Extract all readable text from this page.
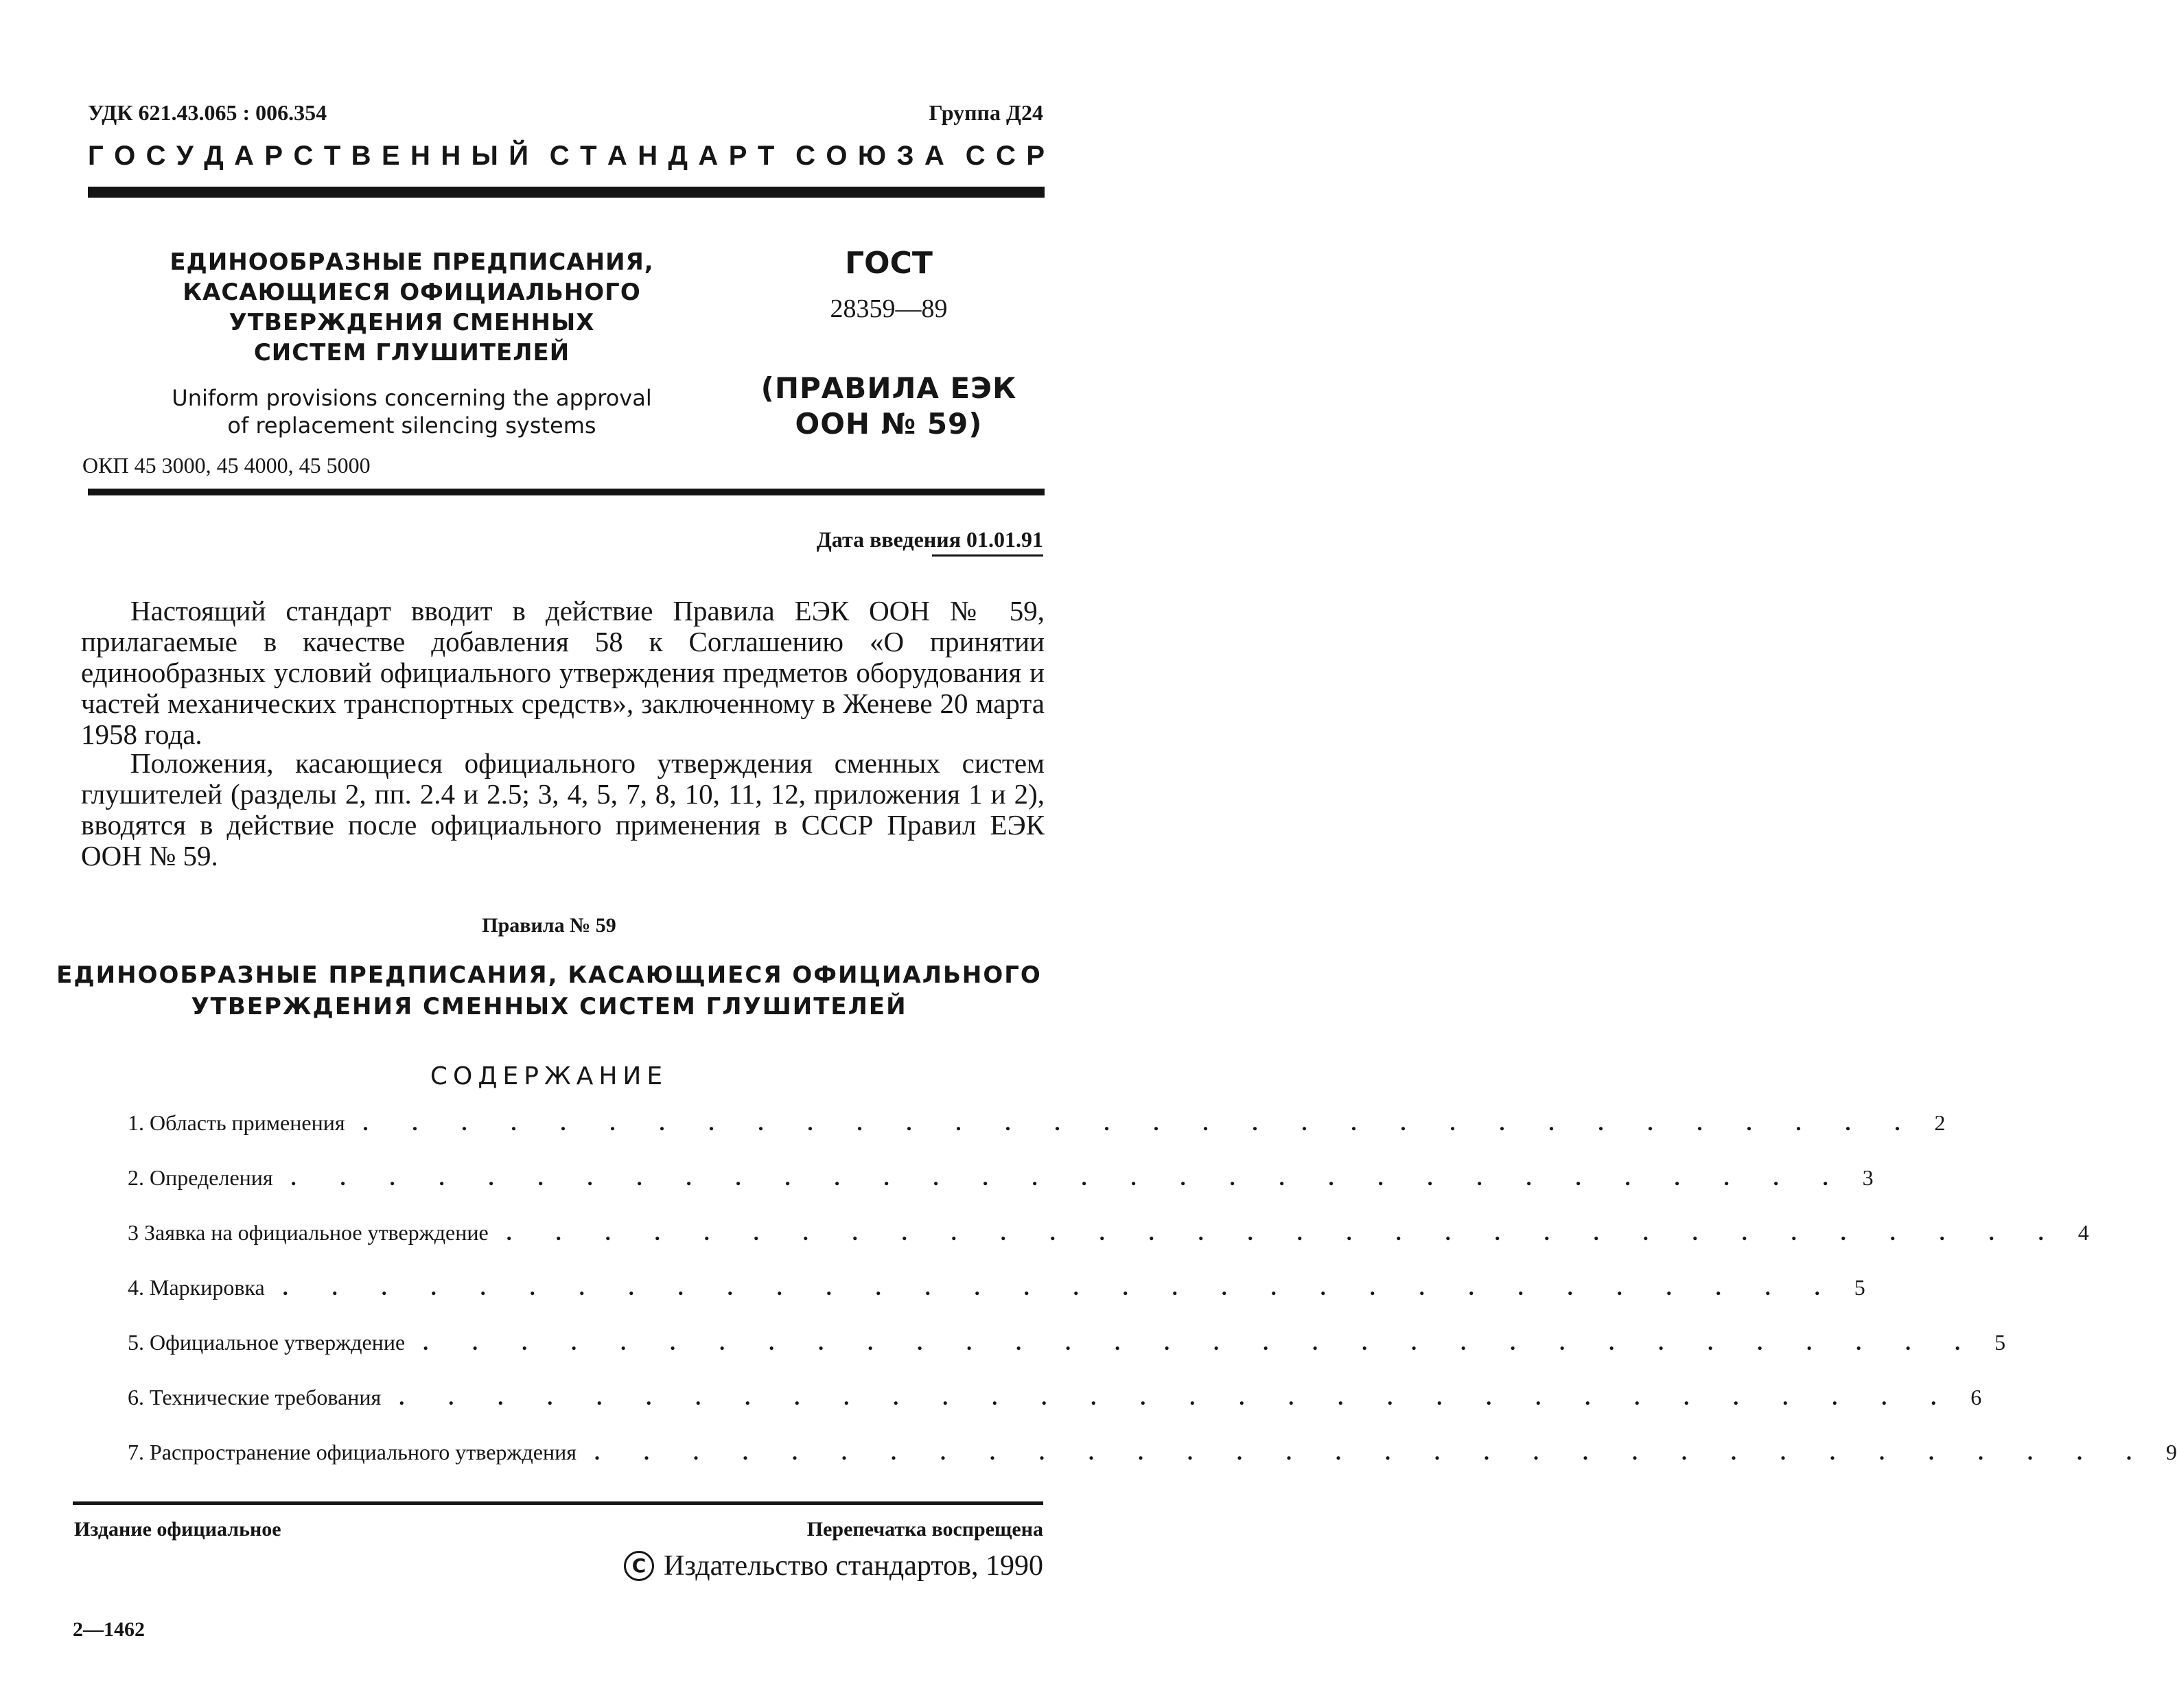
УДК 621.43.065 : 006.354	Группа Д24
Г О С У Д А Р С Т В Е Н Н Ы Й С Т А Н Д А Р Т С О Ю З А С С Р
ЕДИНООБРАЗНЫЕ ПРЕДПИСАНИЯ,
КАСАЮЩИЕСЯ ОФИЦИАЛЬНОГО
УТВЕРЖДЕНИЯ СМЕННЫХ
СИСТЕМ ГЛУШИТЕЛЕЙ
Uniform provisions concerning the approval
of replacement silencing systems
ОКП 45 3000, 45 4000, 45 5000
ГОСТ
28359—89
(ПРАВИЛА ЕЭК
ООН № 59)
Дата введения 01.01.91
Настоящий стандарт вводит в действие Правила ЕЭК ООН № 59, прилагаемые в качестве добавления 58 к Соглашению «О принятии единообразных условий официального утверждения предметов оборудования и частей механических транспортных средств», заключенному в Женеве 20 марта 1958 года.
Положения, касающиеся официального утверждения сменных систем глушителей (разделы 2, пп. 2.4 и 2.5; 3, 4, 5, 7, 8, 10, 11, 12, приложения 1 и 2), вводятся в действие после официального применения в СССР Правил ЕЭК ООН № 59.
Правила № 59
ЕДИНООБРАЗНЫЕ ПРЕДПИСАНИЯ, КАСАЮЩИЕСЯ ОФИЦИАЛЬНОГО
УТВЕРЖДЕНИЯ СМЕННЫХ СИСТЕМ ГЛУШИТЕЛЕЙ
СОДЕРЖАНИЕ
1. Область применения . . . . . . . . . . . . . . . . . . . . . . . . . . . . . . . . 2
2. Определения . . . . . . . . . . . . . . . . . . . . . . . . . . . . . . . . 3
3 Заявка на официальное утверждение . . . . . . . . . . . . . . . . . . . . . . . . . . . . . . . . 4
4. Маркировка . . . . . . . . . . . . . . . . . . . . . . . . . . . . . . . . 5
5. Официальное утверждение . . . . . . . . . . . . . . . . . . . . . . . . . . . . . . . . 5
6. Технические требования . . . . . . . . . . . . . . . . . . . . . . . . . . . . . . . . 6
7. Распространение официального утверждения . . . . . . . . . . . . . . . . . . . . . . . . . . . . . . . . 9
Издание официальное	Перепечатка воспрещена
C Издательство стандартов, 1990
2—1462
